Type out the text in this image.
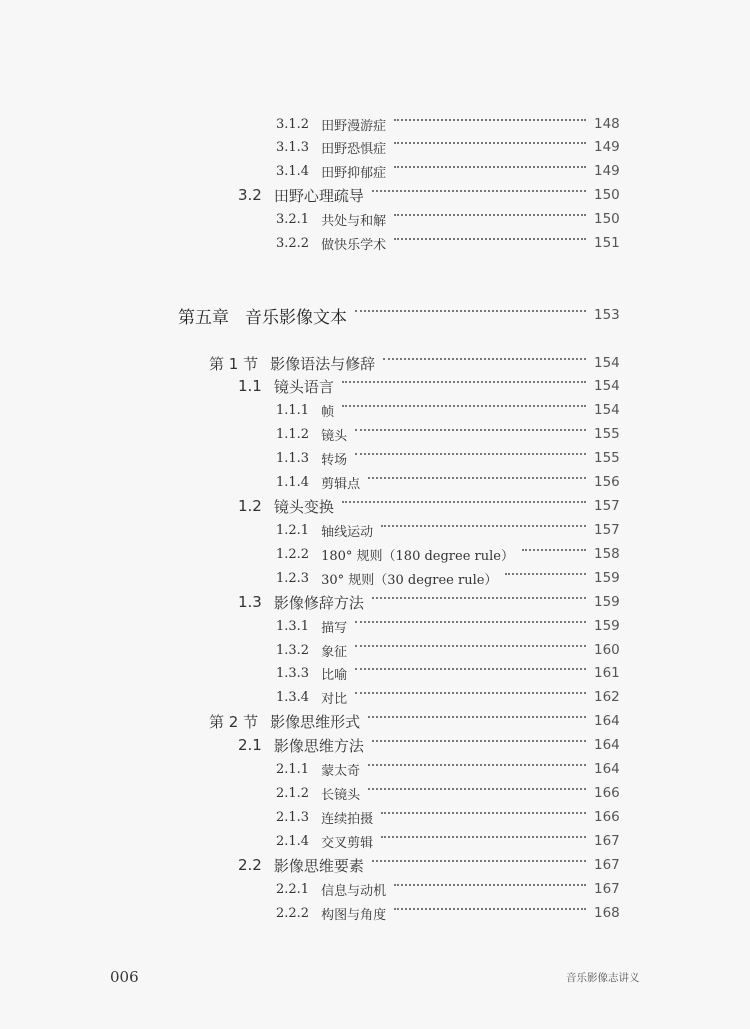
3.1.2 田野漫游症	148
3.1.3 田野恐惧症	149
3.1.4 田野抑郁症	149
3.2 田野心理疏导	150
3.2.1 共处与和解	150
3.2.2 做快乐学术	151
第五章 音乐影像文本	153
第 1 节 影像语法与修辞	154
1.1 镜头语言	154
1.1.1 帧	154
1.1.2 镜头	155
1.1.3 转场	155
1.1.4 剪辑点	156
1.2 镜头变换	157
1.2.1 轴线运动	157
1.2.2 180° 规则（180 degree rule）	158
1.2.3 30° 规则（30 degree rule）	159
1.3 影像修辞方法	159
1.3.1 描写	159
1.3.2 象征	160
1.3.3 比喻	161
1.3.4 对比	162
第 2 节 影像思维形式	164
2.1 影像思维方法	164
2.1.1 蒙太奇	164
2.1.2 长镜头	166
2.1.3 连续拍摄	166
2.1.4 交叉剪辑	167
2.2 影像思维要素	167
2.2.1 信息与动机	167
2.2.2 构图与角度	168
006	音乐影像志讲义
